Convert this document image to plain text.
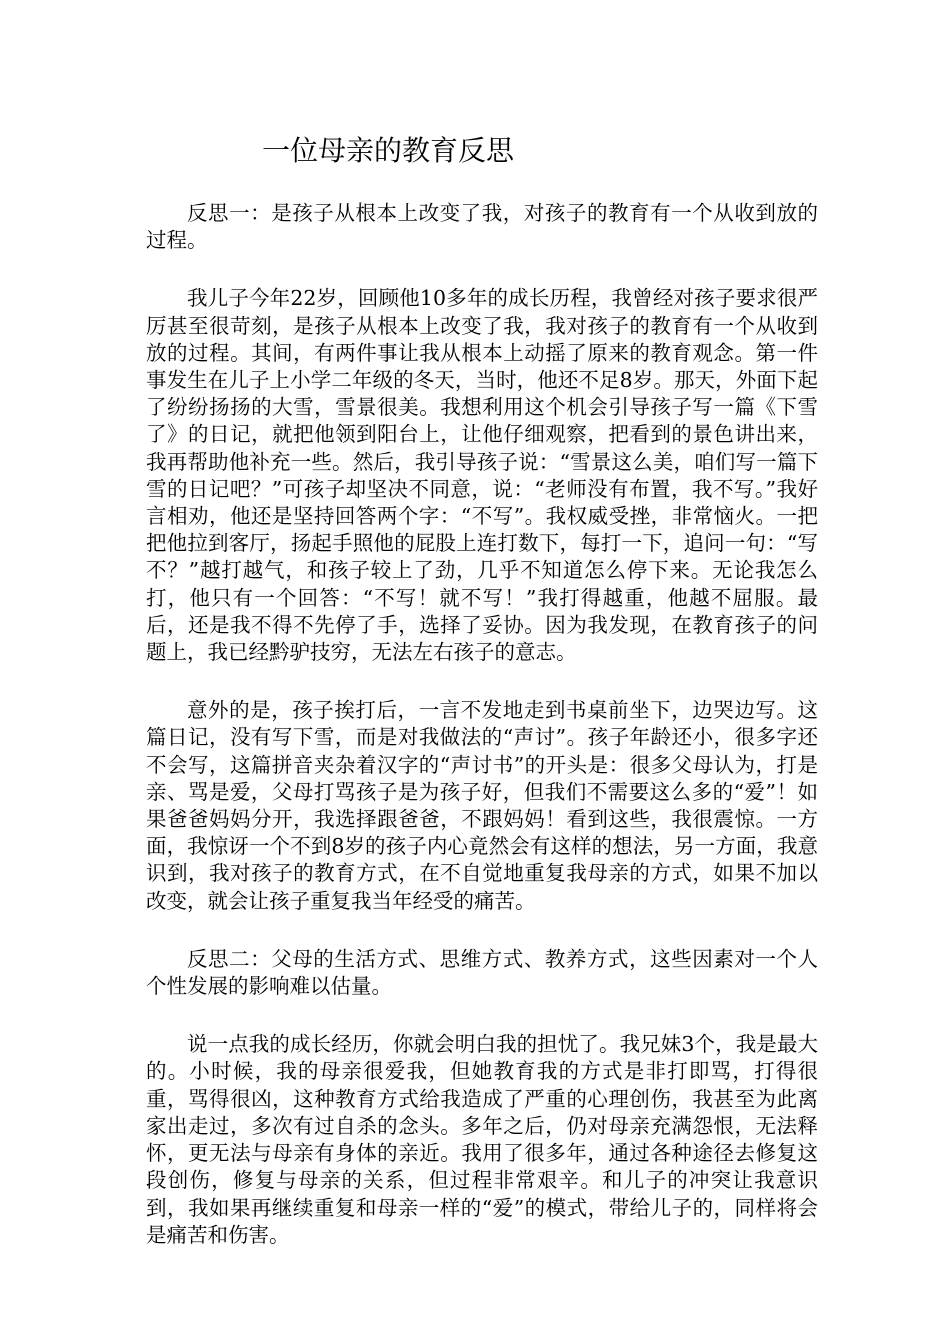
一位母亲的教育反思

反思一：是孩子从根本上改变了我，对孩子的教育有一个从收到放的过程。

我儿子今年22岁，回顾他10多年的成长历程，我曾经对孩子要求很严厉甚至很苛刻，是孩子从根本上改变了我，我对孩子的教育有一个从收到放的过程。其间，有两件事让我从根本上动摇了原来的教育观念。第一件事发生在儿子上小学二年级的冬天，当时，他还不足8岁。那天，外面下起了纷纷扬扬的大雪，雪景很美。我想利用这个机会引导孩子写一篇《下雪了》的日记，就把他领到阳台上，让他仔细观察，把看到的景色讲出来，我再帮助他补充一些。然后，我引导孩子说：“雪景这么美，咱们写一篇下雪的日记吧？”可孩子却坚决不同意，说：“老师没有布置，我不写。”我好言相劝，他还是坚持回答两个字：“不写”。我权威受挫，非常恼火。一把把他拉到客厅，扬起手照他的屁股上连打数下，每打一下，追问一句：“写不？”越打越气，和孩子较上了劲，几乎不知道怎么停下来。无论我怎么打，他只有一个回答：“不写！就不写！”我打得越重，他越不屈服。最后，还是我不得不先停了手，选择了妥协。因为我发现，在教育孩子的问题上，我已经黔驴技穷，无法左右孩子的意志。

意外的是，孩子挨打后，一言不发地走到书桌前坐下，边哭边写。这篇日记，没有写下雪，而是对我做法的“声讨”。孩子年龄还小，很多字还不会写，这篇拼音夹杂着汉字的“声讨书”的开头是：很多父母认为，打是亲、骂是爱，父母打骂孩子是为孩子好，但我们不需要这么多的“爱”！如果爸爸妈妈分开，我选择跟爸爸，不跟妈妈！看到这些，我很震惊。一方面，我惊讶一个不到8岁的孩子内心竟然会有这样的想法，另一方面，我意识到，我对孩子的教育方式，在不自觉地重复我母亲的方式，如果不加以改变，就会让孩子重复我当年经受的痛苦。

反思二：父母的生活方式、思维方式、教养方式，这些因素对一个人个性发展的影响难以估量。

说一点我的成长经历，你就会明白我的担忧了。我兄妹3个，我是最大的。小时候，我的母亲很爱我，但她教育我的方式是非打即骂，打得很重，骂得很凶，这种教育方式给我造成了严重的心理创伤，我甚至为此离家出走过，多次有过自杀的念头。多年之后，仍对母亲充满怨恨，无法释怀，更无法与母亲有身体的亲近。我用了很多年，通过各种途径去修复这段创伤，修复与母亲的关系，但过程非常艰辛。和儿子的冲突让我意识到，我如果再继续重复和母亲一样的“爱”的模式，带给儿子的，同样将会是痛苦和伤害。
